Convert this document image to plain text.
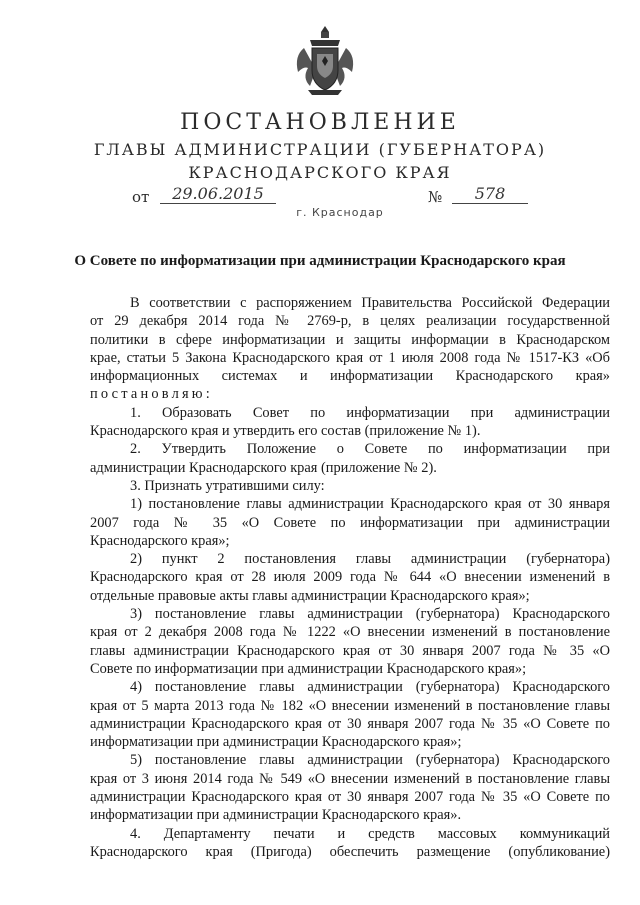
ПОСТАНОВЛЕНИЕ
ГЛАВЫ АДМИНИСТРАЦИИ (ГУБЕРНАТОРА)
КРАСНОДАРСКОГО КРАЯ
от	29.06.2015	№	578
г. Краснодар
О Совете по информатизации при администрации Краснодарского края

В соответствии с распоряжением Правительства Российской Федерации

от 29 декабря 2014 года № 2769-р, в целях реализации государственной

политики в сфере информатизации и защиты информации в Краснодарском

крае, статьи 5 Закона Краснодарского края от 1 июля 2008 года № 1517-КЗ «Об

информационных системах и информатизации Краснодарского края»

постановляю:

1. Образовать Совет по информатизации при администрации

Краснодарского края и утвердить его состав (приложение № 1).

2. Утвердить Положение о Совете по информатизации при

администрации Краснодарского края (приложение № 2).

3. Признать утратившими силу:

1) постановление главы администрации Краснодарского края от 30 января

2007 года № 35 «О Совете по информатизации при администрации

Краснодарского края»;

2) пункт 2 постановления главы администрации (губернатора)

Краснодарского края от 28 июля 2009 года № 644 «О внесении изменений в

отдельные правовые акты главы администрации Краснодарского края»;

3) постановление главы администрации (губернатора) Краснодарского

края от 2 декабря 2008 года № 1222 «О внесении изменений в постановление

главы администрации Краснодарского края от 30 января 2007 года № 35 «О

Совете по информатизации при администрации Краснодарского края»;

4) постановление главы администрации (губернатора) Краснодарского

края от 5 марта 2013 года № 182 «О внесении изменений в постановление главы

администрации Краснодарского края от 30 января 2007 года № 35 «О Совете по

информатизации при администрации Краснодарского края»;

5) постановление главы администрации (губернатора) Краснодарского

края от 3 июня 2014 года № 549 «О внесении изменений в постановление главы

администрации Краснодарского края от 30 января 2007 года № 35 «О Совете по

информатизации при администрации Краснодарского края».

4. Департаменту печати и средств массовых коммуникаций

Краснодарского края (Пригода) обеспечить размещение (опубликование)
